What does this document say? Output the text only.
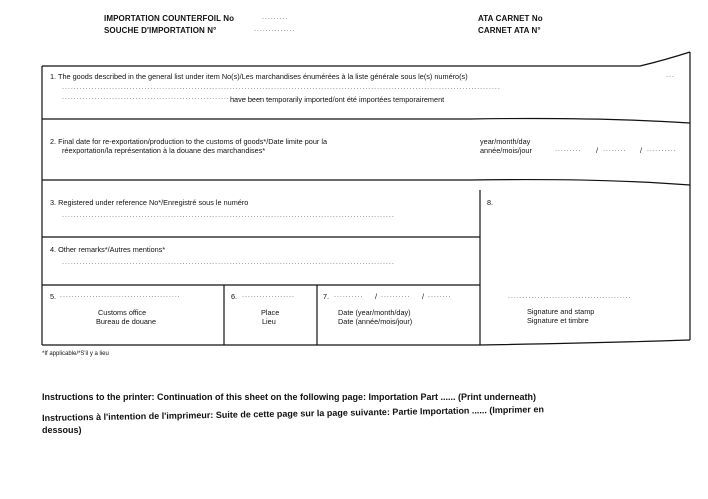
IMPORTATION COUNTERFOIL No	.........
SOUCHE D'IMPORTATION N°	..............
ATA CARNET No
CARNET ATA N°
1. The goods described in the general list under item No(s)/Les marchandises énumérées à la liste générale sous le(s) numéro(s)	...
.....................................................................................................................................................
.......................................................................
have been temporarily imported/ont été importées temporairement
2. Final date for re-exportation/production to the customs of goods*/Date limite pour la
réexportation/la représentation à la douane des marchandises*
year/month/day
année/mois/jour	......... / ........ / ..........
3. Registered under reference No*/Enregistré sous le numéro
.................................................................................................................
8.
4. Other remarks*/Autres mentions*
.................................................................................................................
5. .........................................
Customs office
Bureau de douane
6. ..................
Place
Lieu
7. .......... / .......... / ........
Date (year/month/day)
Date (année/mois/jour)
..........................................
Signature and stamp
Signature et timbre
*If applicable/*S'il y a lieu
Instructions to the printer: Continuation of this sheet on the following page: Importation Part ...... (Print underneath)
Instructions à l'intention de l'imprimeur: Suite de cette page sur la page suivante: Partie Importation ...... (Imprimer en
dessous)
